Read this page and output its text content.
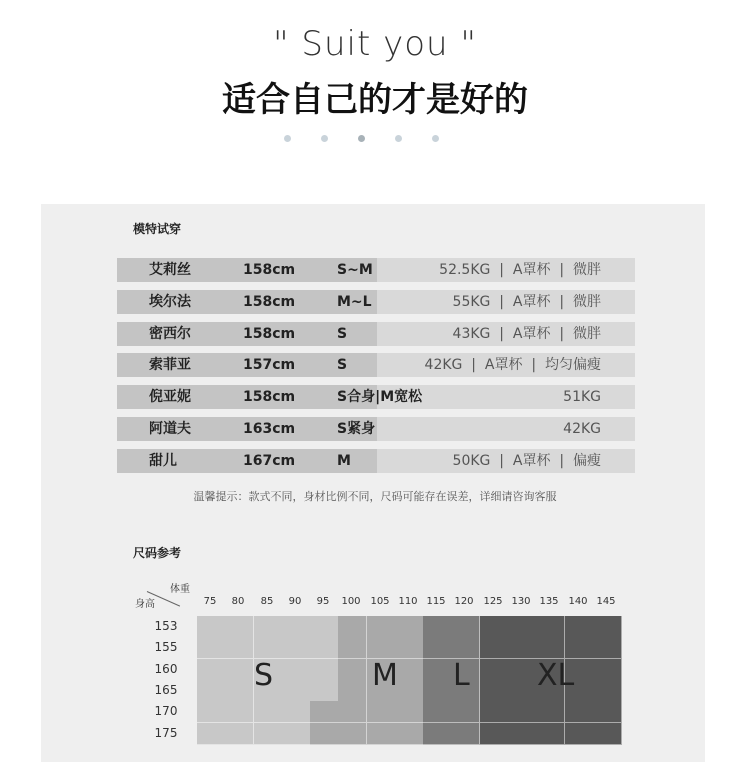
" Suit you "
适合自己的才是好的
模特试穿
艾莉丝	158cm	S~M	52.5KG  |  A罩杯  |  微胖
埃尔法	158cm	M~L	55KG  |  A罩杯  |  微胖
密西尔	158cm	S	43KG  |  A罩杯  |  微胖
索菲亚	157cm	S	42KG  |  A罩杯  |  均匀偏瘦
倪亚妮	158cm	S合身|M宽松	51KG
阿道夫	163cm	S紧身	42KG
甜儿	167cm	M	50KG  |  A罩杯  |  偏瘦
温馨提示：款式不同，身材比例不同，尺码可能存在误差，详细请咨询客服
尺码参考
体重
身高	75	80	85	90	95	100 105 110 115 120 125 130 135 140 145
153
155
160
165
170
175
S	M L XL
